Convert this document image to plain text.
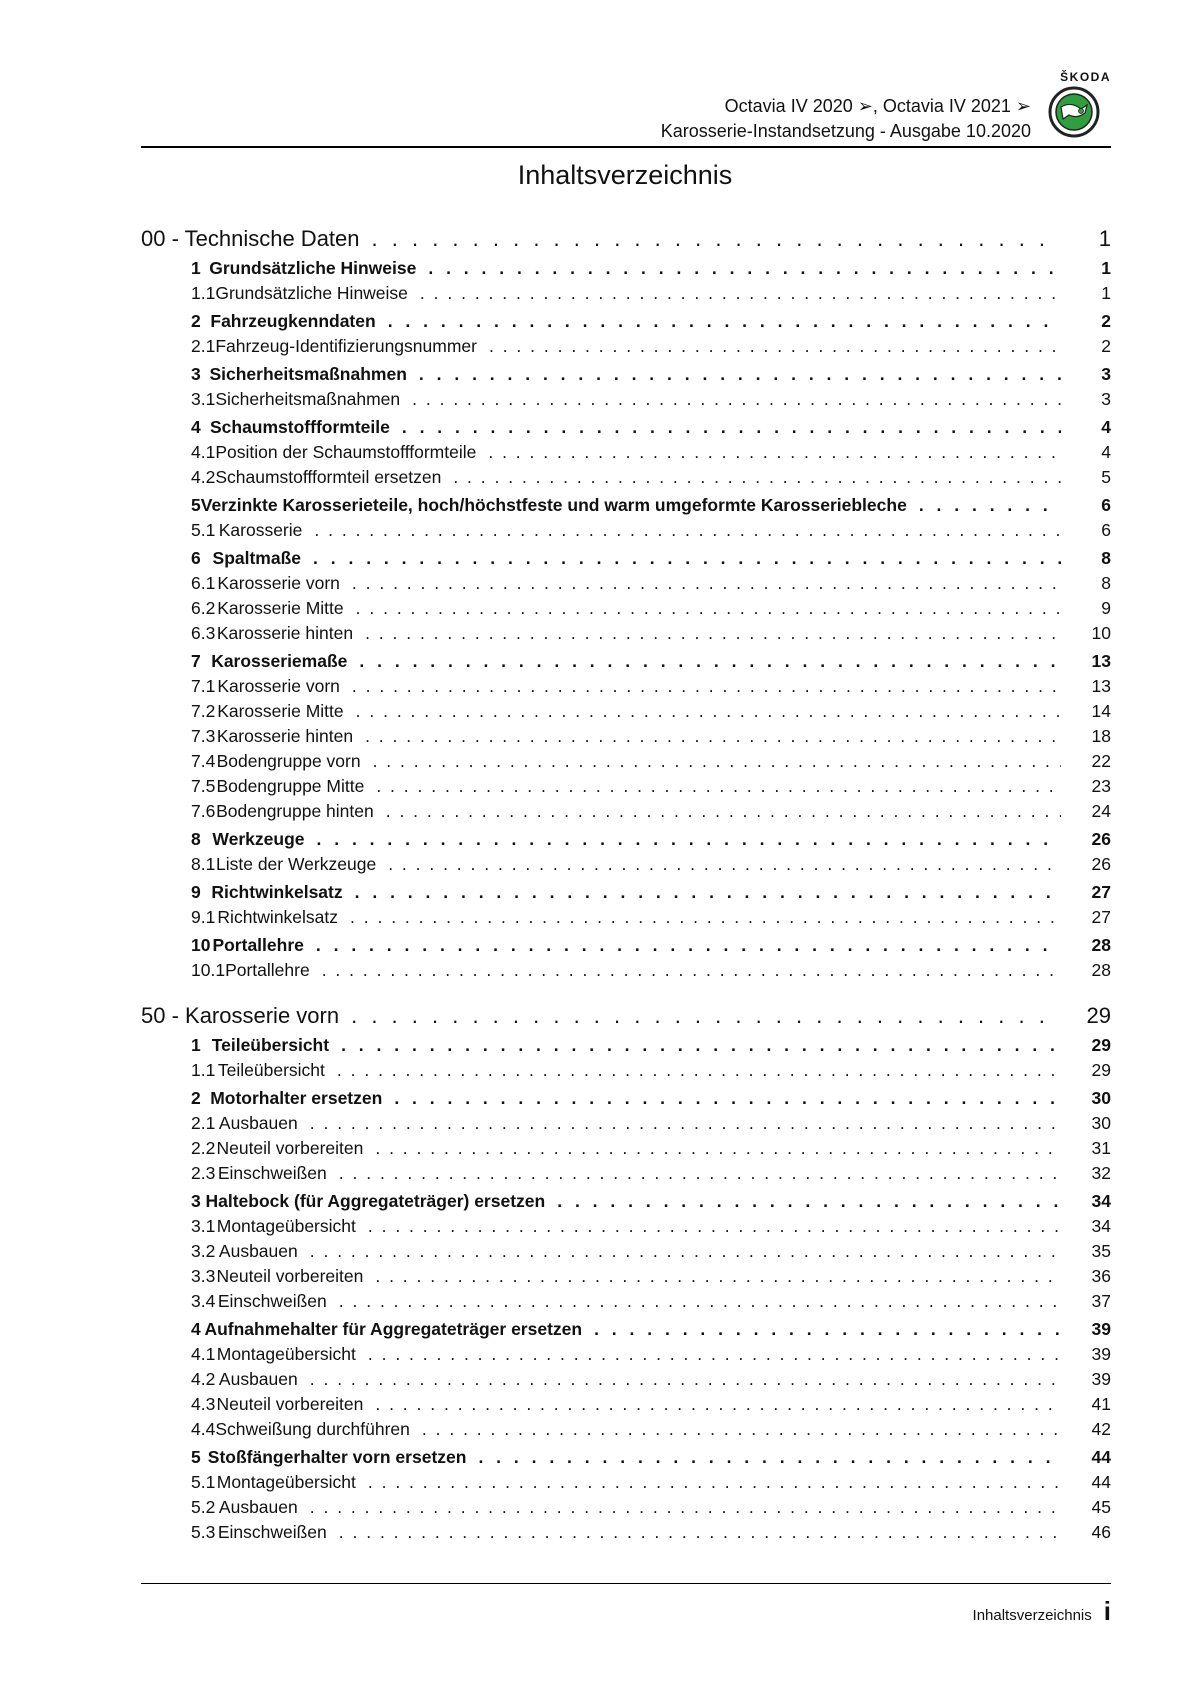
ŠKODA
Octavia IV 2020 ➢, Octavia IV 2021 ➢
Karosserie-Instandsetzung - Ausgabe 10.2020
Inhaltsverzeichnis
00 - Technische Daten . . .	1
1 Grundsätzliche Hinweise . . .	1
1.1 Grundsätzliche Hinweise . . .	1
2 Fahrzeugkenndaten . . .	2
2.1 Fahrzeug-Identifizierungsnummer . . .	2
3 Sicherheitsmaßnahmen . . .	3
3.1 Sicherheitsmaßnahmen . . .	3
4 Schaumstoffformteile . . .	4
4.1 Position der Schaumstoffformteile . . .	4
4.2 Schaumstoffformteil ersetzen . . .	5
5 Verzinkte Karosserieteile, hoch/höchstfeste und warm umgeformte Karosseriebleche . . .	6
5.1 Karosserie . . .	6
6 Spaltmaße . . .	8
6.1 Karosserie vorn . . .	8
6.2 Karosserie Mitte . . .	9
6.3 Karosserie hinten . . .	10
7 Karosseriemaße . . .	13
7.1 Karosserie vorn . . .	13
7.2 Karosserie Mitte . . .	14
7.3 Karosserie hinten . . .	18
7.4 Bodengruppe vorn . . .	22
7.5 Bodengruppe Mitte . . .	23
7.6 Bodengruppe hinten . . .	24
8 Werkzeuge . . .	26
8.1 Liste der Werkzeuge . . .	26
9 Richtwinkelsatz . . .	27
9.1 Richtwinkelsatz . . .	27
10 Portallehre . . .	28
10.1 Portallehre . . .	28
50 - Karosserie vorn . . .	29
1 Teileübersicht . . .	29
1.1 Teileübersicht . . .	29
2 Motorhalter ersetzen . . .	30
2.1 Ausbauen . . .	30
2.2 Neuteil vorbereiten . . .	31
2.3 Einschweißen . . .	32
3 Haltebock (für Aggregateträger) ersetzen . . .	34
3.1 Montageübersicht . . .	34
3.2 Ausbauen . . .	35
3.3 Neuteil vorbereiten . . .	36
3.4 Einschweißen . . .	37
4 Aufnahmehalter für Aggregateträger ersetzen . . .	39
4.1 Montageübersicht . . .	39
4.2 Ausbauen . . .	39
4.3 Neuteil vorbereiten . . .	41
4.4 Schweißung durchführen . . .	42
5 Stoßfängerhalter vorn ersetzen . . .	44
5.1 Montageübersicht . . .	44
5.2 Ausbauen . . .	45
5.3 Einschweißen . . .	46
Inhaltsverzeichnis i
